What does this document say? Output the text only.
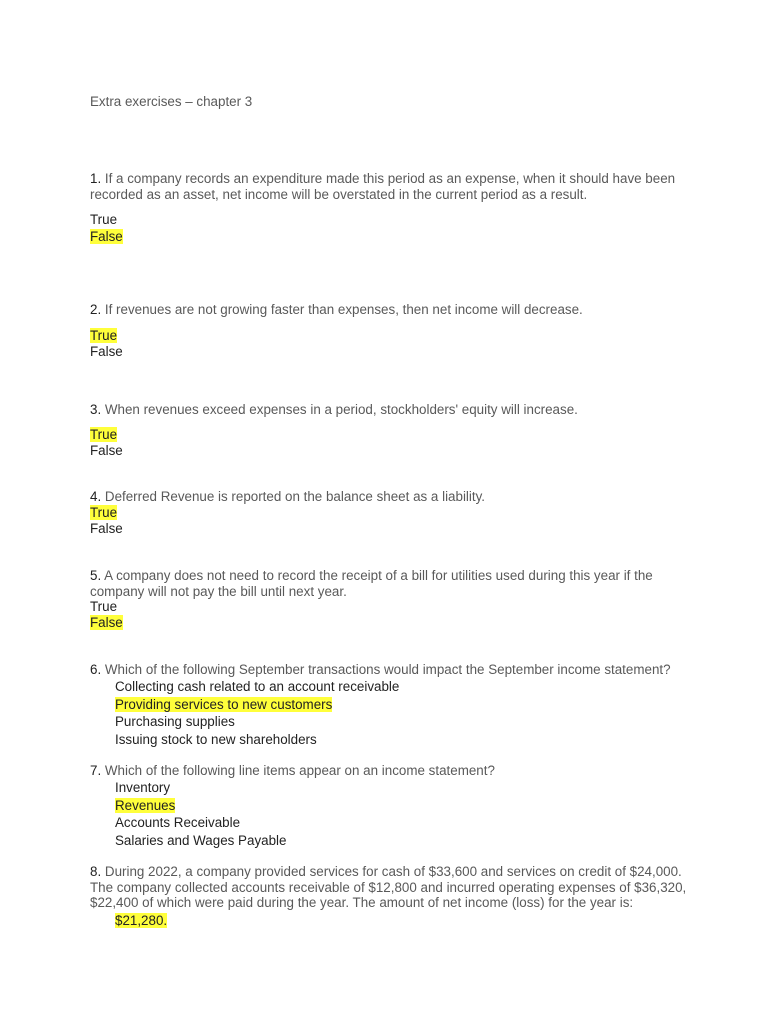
Extra exercises – chapter 3
1. If a company records an expenditure made this period as an expense, when it should have been
recorded as an asset, net income will be overstated in the current period as a result.
True
False
2. If revenues are not growing faster than expenses, then net income will decrease.
True
False
3. When revenues exceed expenses in a period, stockholders' equity will increase.
True
False
4. Deferred Revenue is reported on the balance sheet as a liability.
True
False
5. A company does not need to record the receipt of a bill for utilities used during this year if the
company will not pay the bill until next year.
True
False
6. Which of the following September transactions would impact the September income statement?
Collecting cash related to an account receivable
Providing services to new customers
Purchasing supplies
Issuing stock to new shareholders
7. Which of the following line items appear on an income statement?
Inventory
Revenues
Accounts Receivable
Salaries and Wages Payable
8. During 2022, a company provided services for cash of $33,600 and services on credit of $24,000.
The company collected accounts receivable of $12,800 and incurred operating expenses of $36,320,
$22,400 of which were paid during the year. The amount of net income (loss) for the year is:
$21,280.
